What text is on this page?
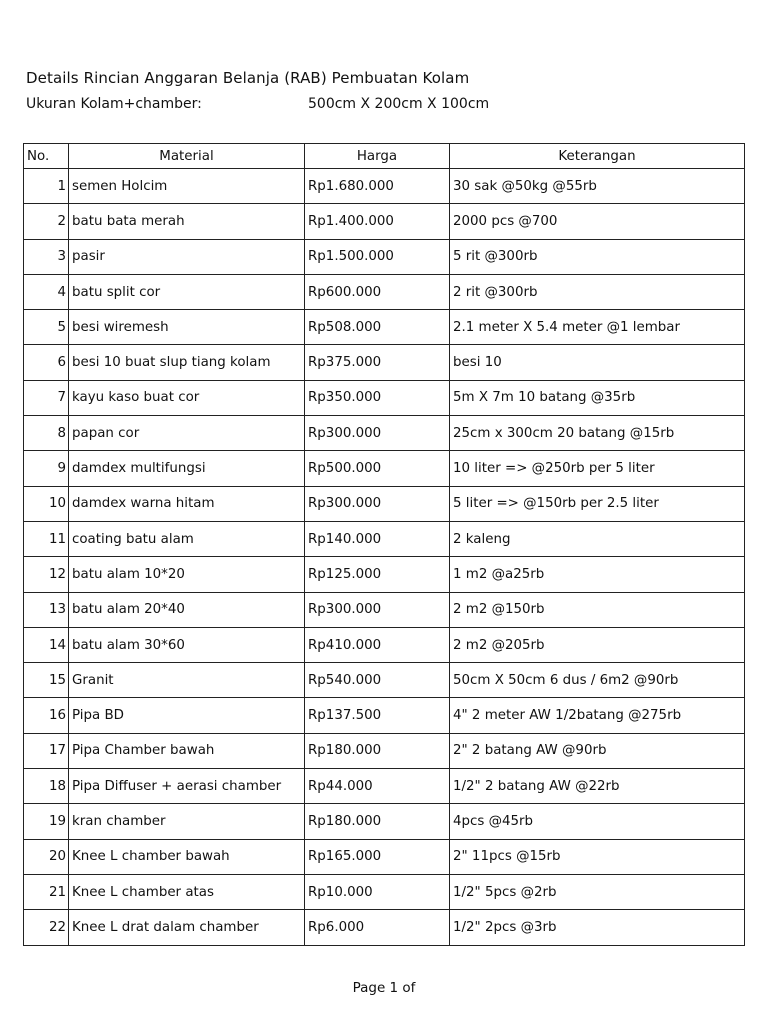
Details Rincian Anggaran Belanja (RAB) Pembuatan Kolam
Ukuran Kolam+chamber:	500cm X 200cm X 100cm
No.	Material	Harga	Keterangan
1	semen Holcim	Rp1.680.000	30 sak @50kg @55rb
2	batu bata merah	Rp1.400.000	2000 pcs @700
3	pasir	Rp1.500.000	5 rit @300rb
4	batu split cor	Rp600.000	2 rit @300rb
5	besi wiremesh	Rp508.000	2.1 meter X 5.4 meter @1 lembar
6	besi 10 buat slup tiang kolam	Rp375.000	besi 10
7	kayu kaso buat cor	Rp350.000	5m X 7m 10 batang @35rb
8	papan cor	Rp300.000	25cm x 300cm 20 batang @15rb
9	damdex multifungsi	Rp500.000	10 liter => @250rb per 5 liter
10	damdex warna hitam	Rp300.000	5 liter => @150rb per 2.5 liter
11	coating batu alam	Rp140.000	2 kaleng
12	batu alam 10*20	Rp125.000	1 m2 @a25rb
13	batu alam 20*40	Rp300.000	2 m2 @150rb
14	batu alam 30*60	Rp410.000	2 m2 @205rb
15	Granit	Rp540.000	50cm X 50cm 6 dus / 6m2 @90rb
16	Pipa BD	Rp137.500	4" 2 meter AW 1/2batang @275rb
17	Pipa Chamber bawah	Rp180.000	2" 2 batang AW @90rb
18	Pipa Diffuser + aerasi chamber	Rp44.000	1/2" 2 batang AW @22rb
19	kran chamber	Rp180.000	4pcs @45rb
20	Knee L chamber bawah	Rp165.000	2" 11pcs @15rb
21	Knee L chamber atas	Rp10.000	1/2" 5pcs @2rb
22	Knee L drat dalam chamber	Rp6.000	1/2" 2pcs @3rb
Page 1 of
